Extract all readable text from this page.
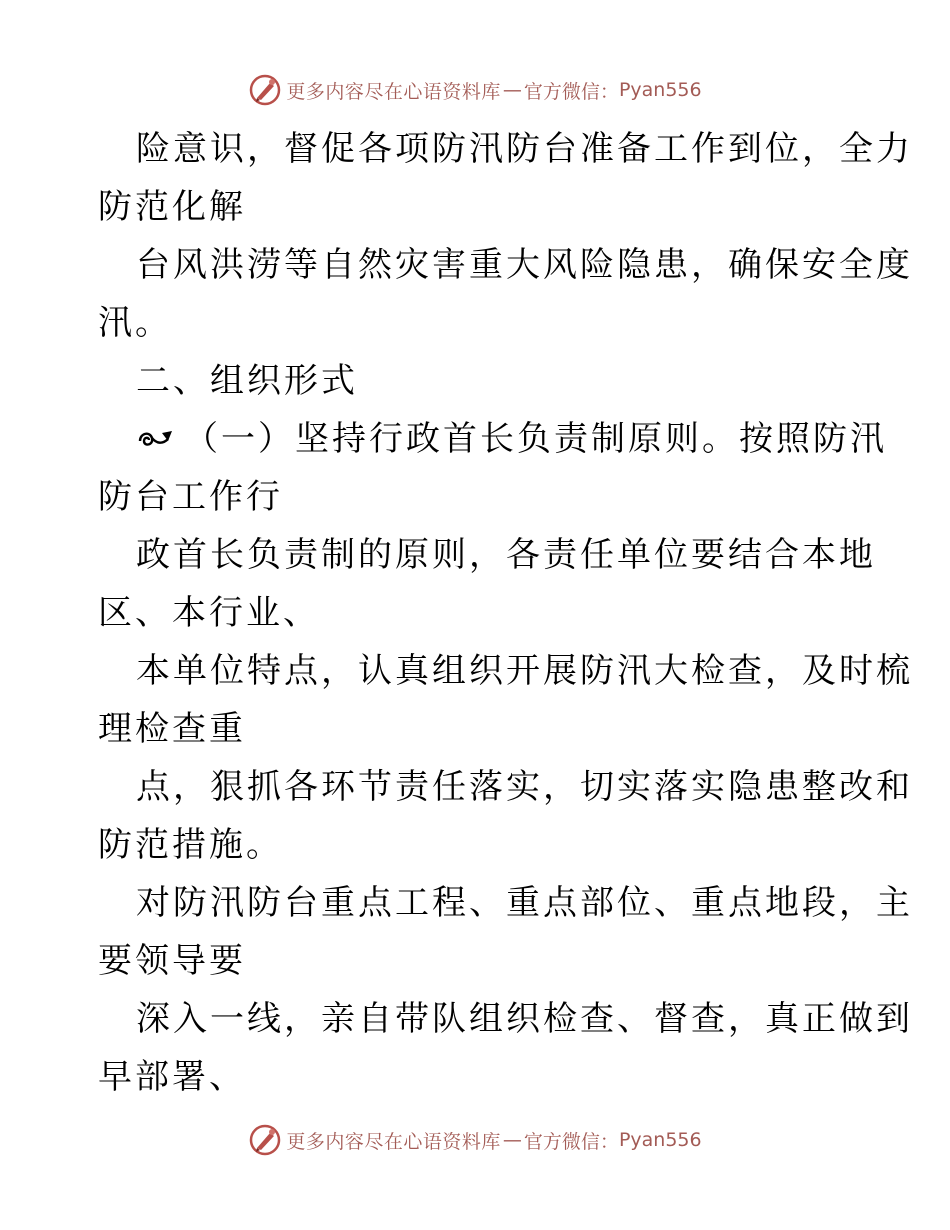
更多内容尽在心语资料库 — 官方微信： Pyan556
险意识，督促各项防汛防台准备工作到位，全力
防范化解
台风洪涝等自然灾害重大风险隐患，确保安全度
汛。
二、组织形式
（一）坚持行政首长负责制原则。按照防汛
防台工作行
政首长负责制的原则，各责任单位要结合本地
区、本行业、
本单位特点，认真组织开展防汛大检查，及时梳
理检查重
点，狠抓各环节责任落实，切实落实隐患整改和
防范措施。
对防汛防台重点工程、重点部位、重点地段，主
要领导要
深入一线，亲自带队组织检查、督查，真正做到
早部署、
更多内容尽在心语资料库 — 官方微信： Pyan556
